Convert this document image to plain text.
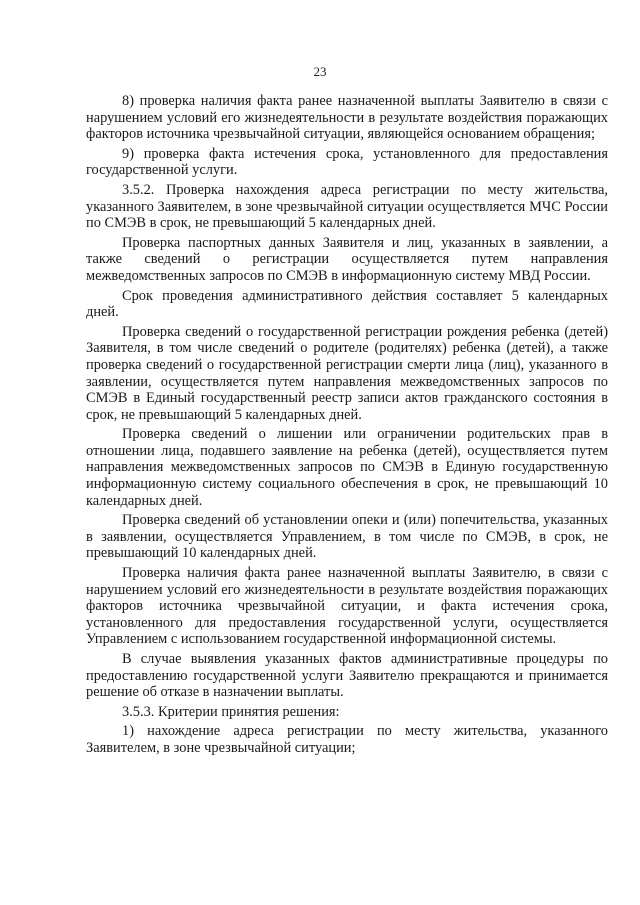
23

8) проверка наличия факта ранее назначенной выплаты Заявителю в связи с нарушением условий его жизнедеятельности в результате воздействия поражающих факторов источника чрезвычайной ситуации, являющейся основанием обращения;

9) проверка факта истечения срока, установленного для предоставления государственной услуги.

3.5.2. Проверка нахождения адреса регистрации по месту жительства, указанного Заявителем, в зоне чрезвычайной ситуации осуществляется МЧС России по СМЭВ в срок, не превышающий 5 календарных дней.

Проверка паспортных данных Заявителя и лиц, указанных в заявлении, а также сведений о регистрации осуществляется путем направления межведомственных запросов по СМЭВ в информационную систему МВД России.

Срок проведения административного действия составляет 5 календарных дней.

Проверка сведений о государственной регистрации рождения ребенка (детей) Заявителя, в том числе сведений о родителе (родителях) ребенка (детей), а также проверка сведений о государственной регистрации смерти лица (лиц), указанного в заявлении, осуществляется путем направления межведомственных запросов по СМЭВ в Единый государственный реестр записи актов гражданского состояния в срок, не превышающий 5 календарных дней.

Проверка сведений о лишении или ограничении родительских прав в отношении лица, подавшего заявление на ребенка (детей), осуществляется путем направления межведомственных запросов по СМЭВ в Единую государственную информационную систему социального обеспечения в срок, не превышающий 10 календарных дней.

Проверка сведений об установлении опеки и (или) попечительства, указанных в заявлении, осуществляется Управлением, в том числе по СМЭВ, в срок, не превышающий 10 календарных дней.

Проверка наличия факта ранее назначенной выплаты Заявителю, в связи с нарушением условий его жизнедеятельности в результате воздействия поражающих факторов источника чрезвычайной ситуации, и факта истечения срока, установленного для предоставления государственной услуги, осуществляется Управлением с использованием государственной информационной системы.

В случае выявления указанных фактов административные процедуры по предоставлению государственной услуги Заявителю прекращаются и принимается решение об отказе в назначении выплаты.

3.5.3. Критерии принятия решения:

1) нахождение адреса регистрации по месту жительства, указанного Заявителем, в зоне чрезвычайной ситуации;
